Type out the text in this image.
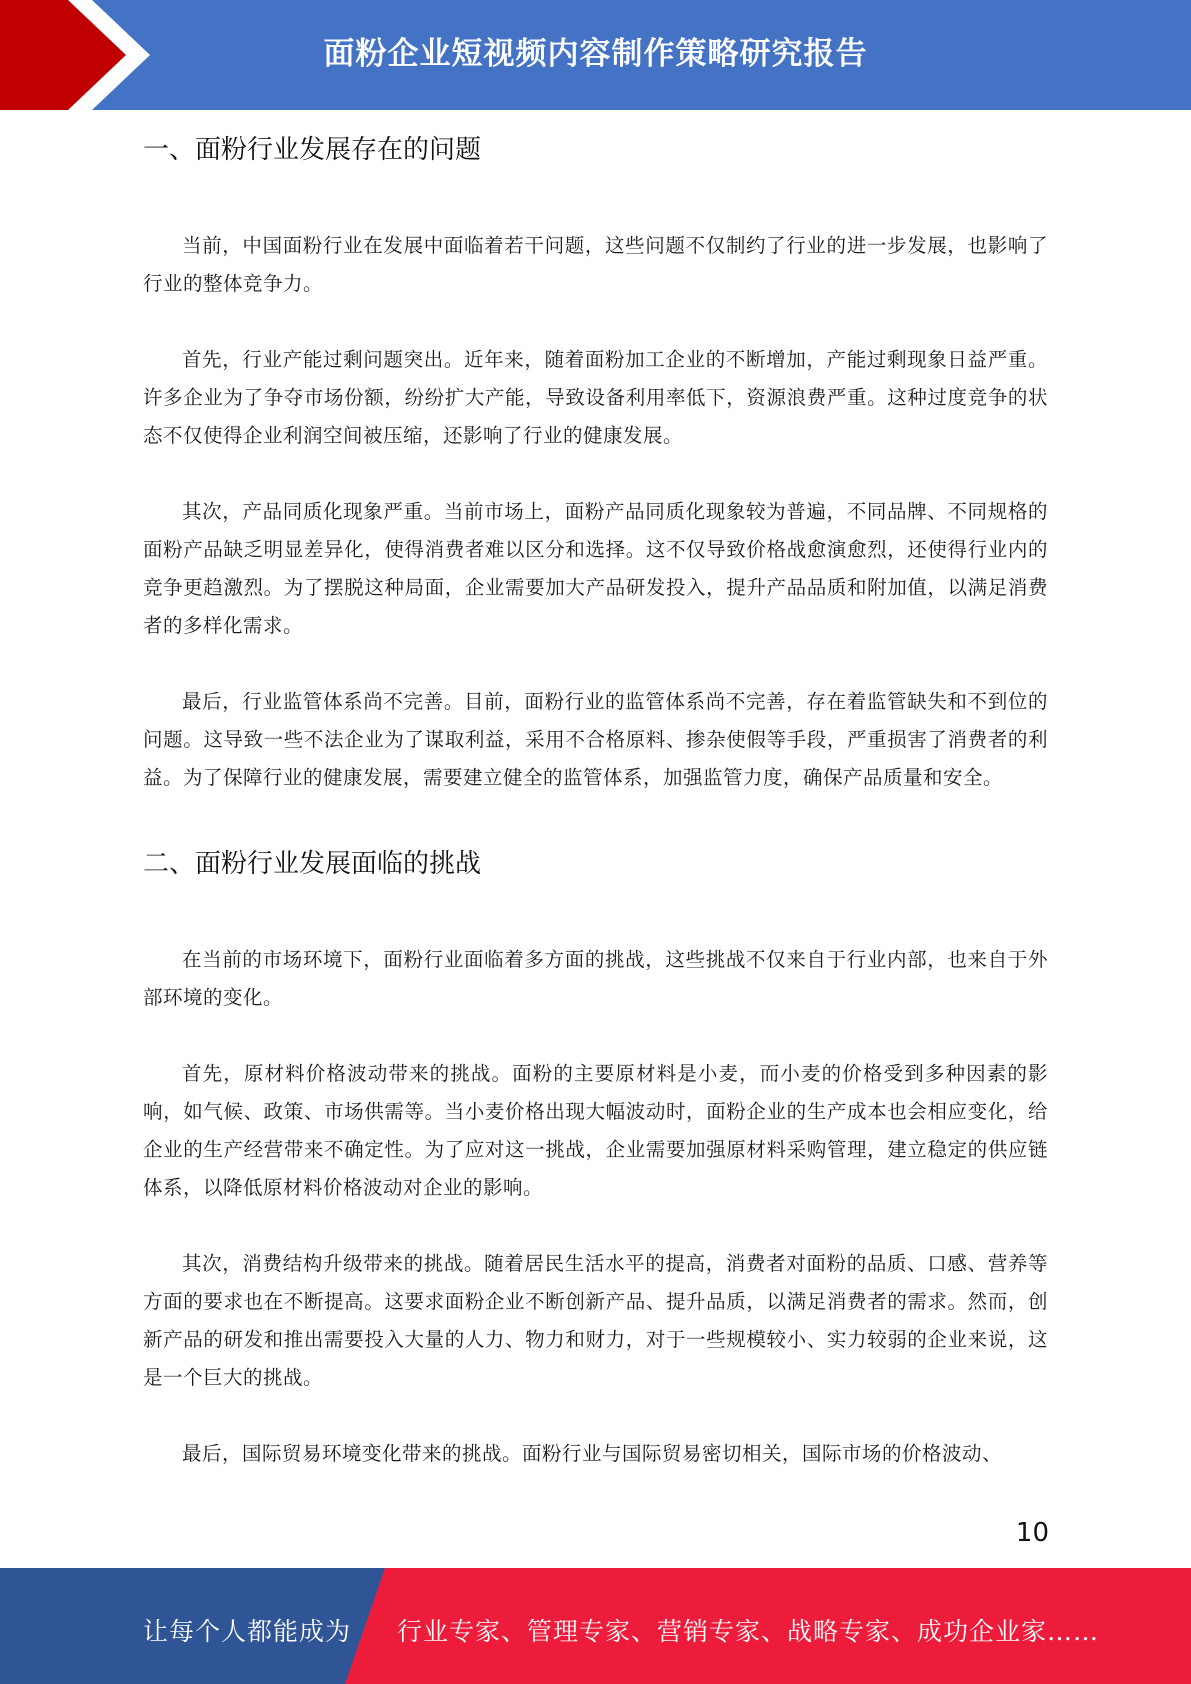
面粉企业短视频内容制作策略研究报告
一、面粉行业发展存在的问题

当前，中国面粉行业在发展中面临着若干问题，这些问题不仅制约了行业的进一步发展，也影响了行业的整体竞争力。

首先，行业产能过剩问题突出。近年来，随着面粉加工企业的不断增加，产能过剩现象日益严重。许多企业为了争夺市场份额，纷纷扩大产能，导致设备利用率低下，资源浪费严重。这种过度竞争的状态不仅使得企业利润空间被压缩，还影响了行业的健康发展。

其次，产品同质化现象严重。当前市场上，面粉产品同质化现象较为普遍，不同品牌、不同规格的面粉产品缺乏明显差异化，使得消费者难以区分和选择。这不仅导致价格战愈演愈烈，还使得行业内的竞争更趋激烈。为了摆脱这种局面，企业需要加大产品研发投入，提升产品品质和附加值，以满足消费者的多样化需求。

最后，行业监管体系尚不完善。目前，面粉行业的监管体系尚不完善，存在着监管缺失和不到位的问题。这导致一些不法企业为了谋取利益，采用不合格原料、掺杂使假等手段，严重损害了消费者的利益。为了保障行业的健康发展，需要建立健全的监管体系，加强监管力度，确保产品质量和安全。

二、面粉行业发展面临的挑战

在当前的市场环境下，面粉行业面临着多方面的挑战，这些挑战不仅来自于行业内部，也来自于外部环境的变化。

首先，原材料价格波动带来的挑战。面粉的主要原材料是小麦，而小麦的价格受到多种因素的影响，如气候、政策、市场供需等。当小麦价格出现大幅波动时，面粉企业的生产成本也会相应变化，给企业的生产经营带来不确定性。为了应对这一挑战，企业需要加强原材料采购管理，建立稳定的供应链体系，以降低原材料价格波动对企业的影响。

其次，消费结构升级带来的挑战。随着居民生活水平的提高，消费者对面粉的品质、口感、营养等方面的要求也在不断提高。这要求面粉企业不断创新产品、提升品质，以满足消费者的需求。然而，创新产品的研发和推出需要投入大量的人力、物力和财力，对于一些规模较小、实力较弱的企业来说，这是一个巨大的挑战。

最后，国际贸易环境变化带来的挑战。面粉行业与国际贸易密切相关，国际市场的价格波动、

10
让每个人都能成为 行业专家、管理专家、营销专家、战略专家、成功企业家……
